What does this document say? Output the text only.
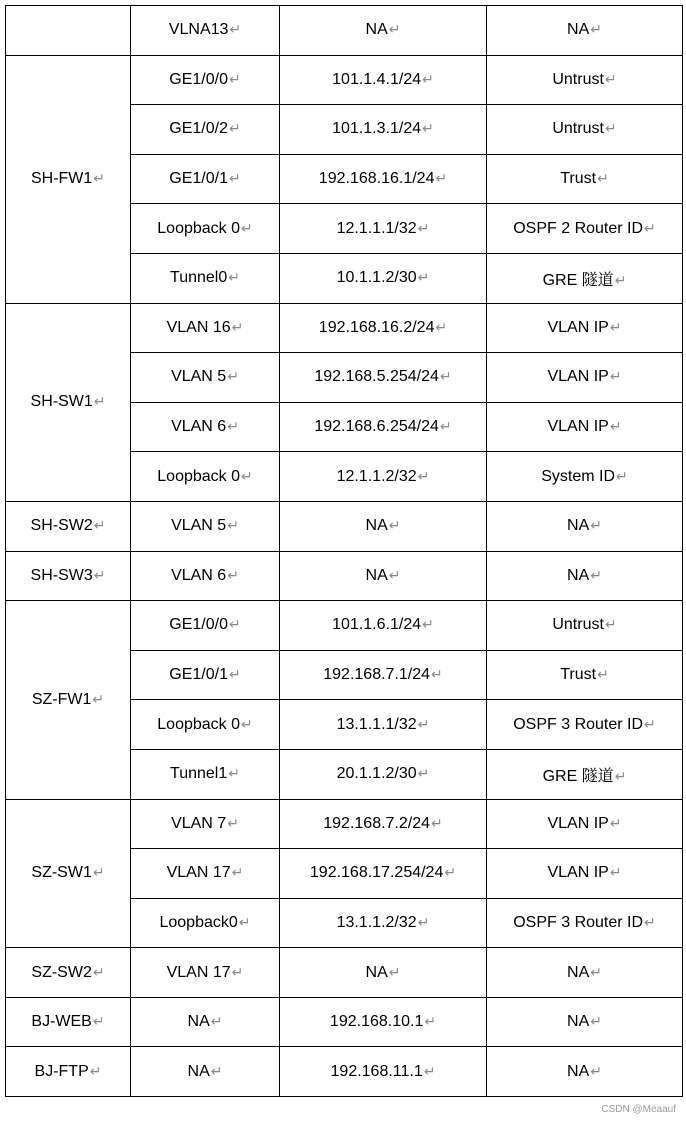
	VLNA13↵	NA↵	NA↵
SH-FW1↵	GE1/0/0↵	101.1.4.1/24↵	Untrust↵
	GE1/0/2↵	101.1.3.1/24↵	Untrust↵
	GE1/0/1↵	192.168.16.1/24↵	Trust↵
	Loopback 0↵	12.1.1.1/32↵	OSPF 2 Router ID↵
	Tunnel0↵	10.1.1.2/30↵	GRE 隧道↵
SH-SW1↵	VLAN 16↵	192.168.16.2/24↵	VLAN IP↵
	VLAN 5↵	192.168.5.254/24↵	VLAN IP↵
	VLAN 6↵	192.168.6.254/24↵	VLAN IP↵
	Loopback 0↵	12.1.1.2/32↵	System ID↵
SH-SW2↵	VLAN 5↵	NA↵	NA↵
SH-SW3↵	VLAN 6↵	NA↵	NA↵
SZ-FW1↵	GE1/0/0↵	101.1.6.1/24↵	Untrust↵
	GE1/0/1↵	192.168.7.1/24↵	Trust↵
	Loopback 0↵	13.1.1.1/32↵	OSPF 3 Router ID↵
	Tunnel1↵	20.1.1.2/30↵	GRE 隧道↵
SZ-SW1↵	VLAN 7↵	192.168.7.2/24↵	VLAN IP↵
	VLAN 17↵	192.168.17.254/24↵	VLAN IP↵
	Loopback0↵	13.1.1.2/32↵	OSPF 3 Router ID↵
SZ-SW2↵	VLAN 17↵	NA↵	NA↵
BJ-WEB↵	NA↵	192.168.10.1↵	NA↵
BJ-FTP↵	NA↵	192.168.11.1↵	NA↵
CSDN @Meaauf
